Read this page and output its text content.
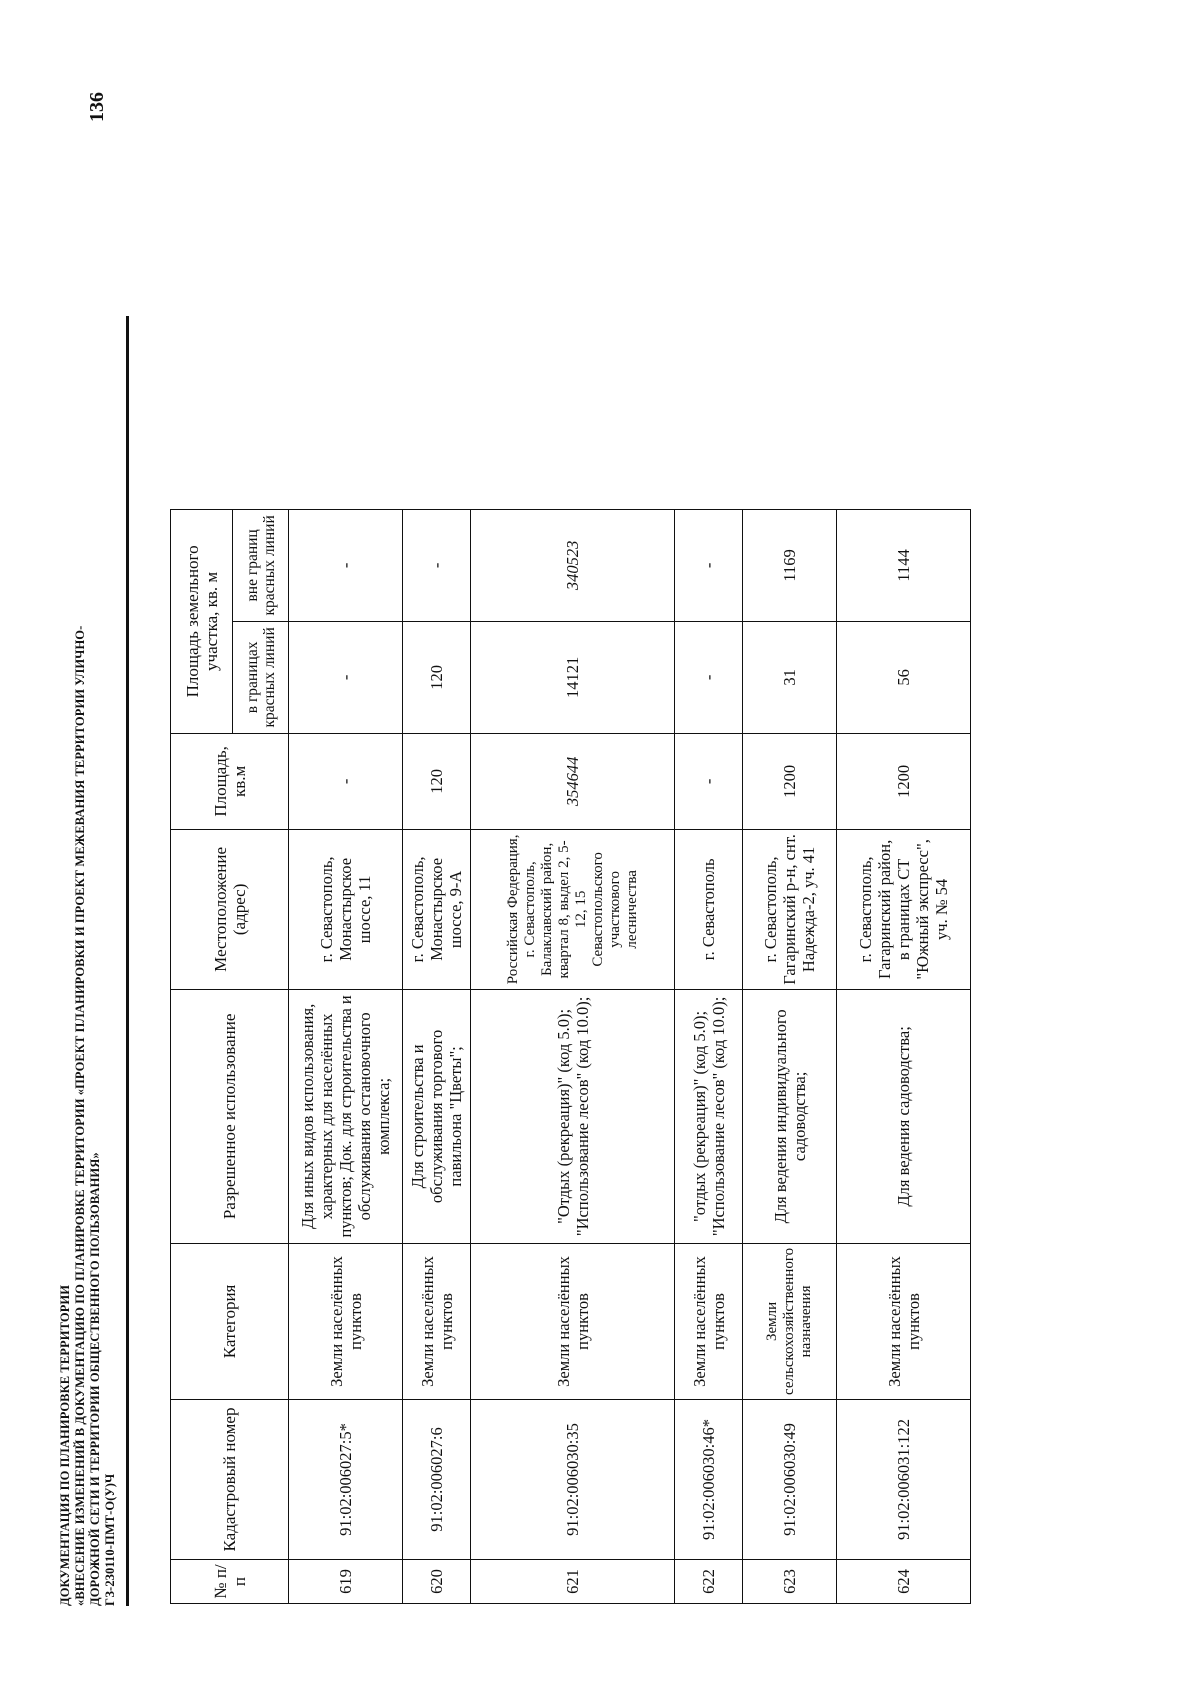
ДОКУМЕНТАЦИЯ ПО ПЛАНИРОВКЕ ТЕРРИТОРИИ «ВНЕСЕНИЕ ИЗМЕНЕНИЙ В ДОКУМЕНТАЦИЮ ПО ПЛАНИРОВКЕ ТЕРРИТОРИИ «ПРОЕКТ ПЛАНИРОВКИ И ПРОЕКТ МЕЖЕВАНИЯ ТЕРРИТОРИИ УЛИЧНО- ДОРОЖНОЙ СЕТИ И ТЕРРИТОРИИ ОБЩЕСТВЕННОГО ПОЛЬЗОВАНИЯ» ГЗ-230110-ПМТ-О(У)Ч
136
№ п/п	Кадастровый номер	Категория	Разрешенное использование	Местоположение (адрес)	Площадь, кв.м	Площадь земельного участка, кв. м	
						в границах красных линий	вне границ красных линий
619	91:02:006027:5*	Земли населённых пунктов	Для иных видов использования, характерных для населённых пунктов; Док. для строительства и обслуживания остановочного комплекса;	г. Севастополь, Монастырское шоссе, 11	-	-	-
620	91:02:006027:6	Земли населённых пунктов	Для строительства и обслуживания торгового павильона "Цветы";	г. Севастополь, Монастырское шоссе, 9-А	120	120	-
621	91:02:006030:35	Земли населённых пунктов	"Отдых (рекреация)" (код 5.0); "Использование лесов" (код 10.0);	Российская Федерация, г. Севастополь, Балаклавский район, квартал 8, выдел 2, 5-12, 15 Севастопольского участкового лесничества	354644	14121	340523
622	91:02:006030:46*	Земли населённых пунктов	"отдых (рекреация)" (код 5.0); "Использование лесов" (код 10.0);	г. Севастополь	-	-	-
623	91:02:006030:49	Земли сельскохозяйственного назначения	Для ведения индивидуального садоводства;	г. Севастополь, Гагаринский р-н, снт. Надежда-2, уч. 41	1200	31	1169
624	91:02:006031:122	Земли населённых пунктов	Для ведения садоводства;	г. Севастополь, Гагаринский район, в границах СТ "Южный экспресс", уч. № 54	1200	56	1144
